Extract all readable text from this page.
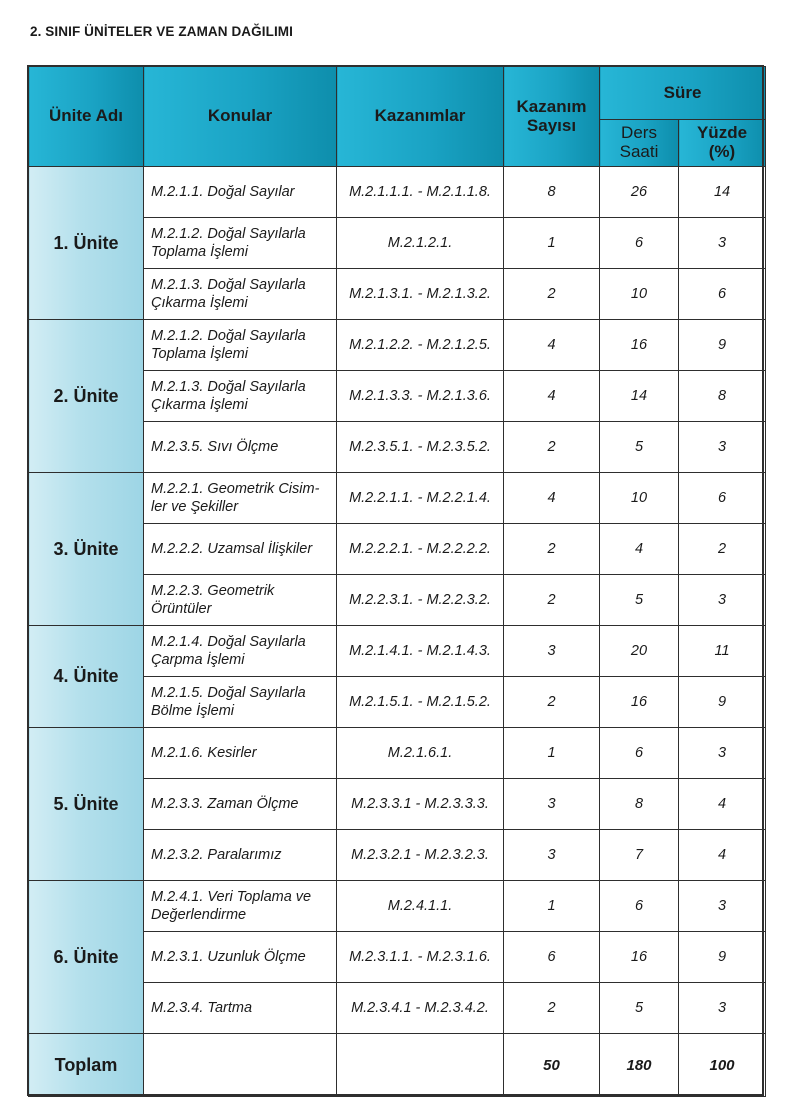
2. SINIF ÜNİTELER VE ZAMAN DAĞILIMI
Ünite Adı	Konular	Kazanımlar	Kazanım Sayısı	Süre	
				Ders Saati	Yüzde (%)
1. Ünite	M.2.1.1. Doğal Sayılar	M.2.1.1.1. - M.2.1.1.8.	8	26	14
	M.2.1.2. Doğal Sayılarla Toplama İşlemi	M.2.1.2.1.	1	6	3
	M.2.1.3. Doğal Sayılarla Çıkarma İşlemi	M.2.1.3.1. - M.2.1.3.2.	2	10	6
2. Ünite	M.2.1.2. Doğal Sayılarla Toplama İşlemi	M.2.1.2.2. - M.2.1.2.5.	4	16	9
	M.2.1.3. Doğal Sayılarla Çıkarma İşlemi	M.2.1.3.3. - M.2.1.3.6.	4	14	8
	M.2.3.5. Sıvı Ölçme	M.2.3.5.1. - M.2.3.5.2.	2	5	3
3. Ünite	M.2.2.1. Geometrik Cisim-ler ve Şekiller	M.2.2.1.1. - M.2.2.1.4.	4	10	6
	M.2.2.2. Uzamsal İlişkiler	M.2.2.2.1. - M.2.2.2.2.	2	4	2
	M.2.2.3. Geometrik Örüntüler	M.2.2.3.1. - M.2.2.3.2.	2	5	3
4. Ünite	M.2.1.4. Doğal Sayılarla Çarpma İşlemi	M.2.1.4.1. - M.2.1.4.3.	3	20	11
	M.2.1.5. Doğal Sayılarla Bölme İşlemi	M.2.1.5.1. - M.2.1.5.2.	2	16	9
5. Ünite	M.2.1.6. Kesirler	M.2.1.6.1.	1	6	3
	M.2.3.3. Zaman Ölçme	M.2.3.3.1 - M.2.3.3.3.	3	8	4
	M.2.3.2. Paralarımız	M.2.3.2.1 - M.2.3.2.3.	3	7	4
6. Ünite	M.2.4.1. Veri Toplama ve Değerlendirme	M.2.4.1.1.	1	6	3
	M.2.3.1. Uzunluk Ölçme	M.2.3.1.1. - M.2.3.1.6.	6	16	9
	M.2.3.4. Tartma	M.2.3.4.1 - M.2.3.4.2.	2	5	3
Toplam			50	180	100
